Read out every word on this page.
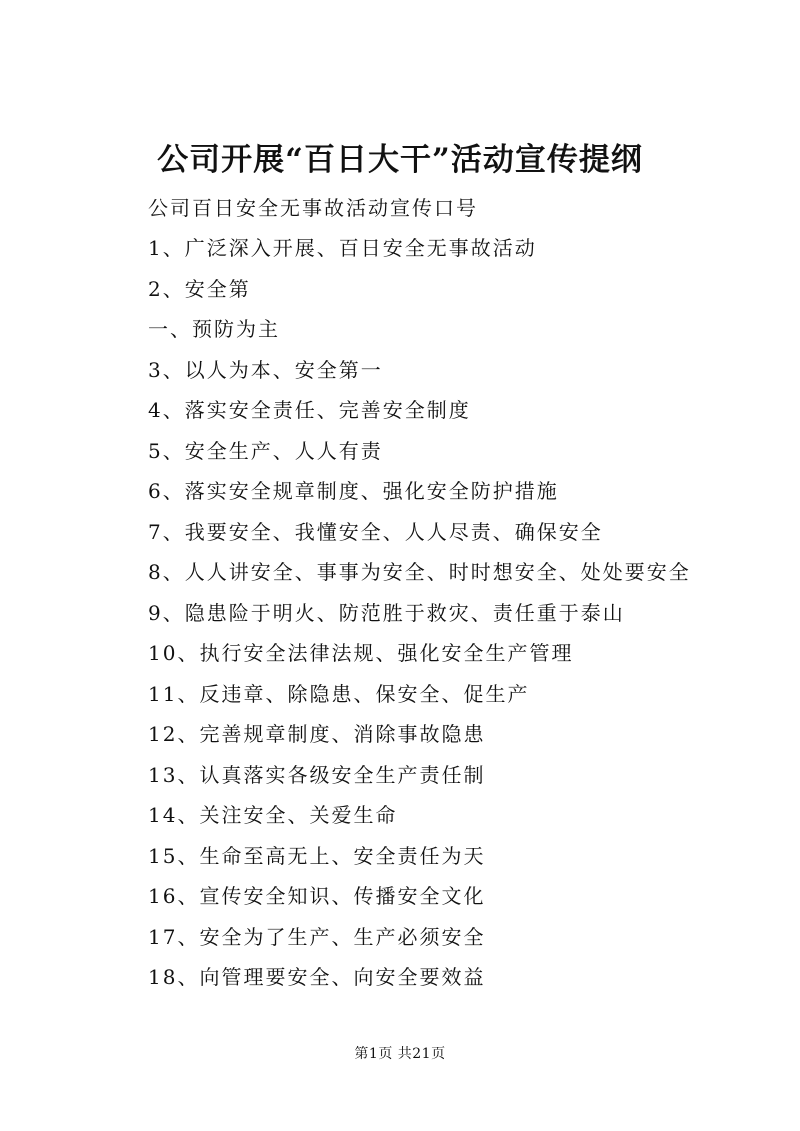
公司开展“百日大干”活动宣传提纲
公司百日安全无事故活动宣传口号
1、广泛深入开展、百日安全无事故活动
2、安全第
一、预防为主
3、以人为本、安全第一
4、落实安全责任、完善安全制度
5、安全生产、人人有责
6、落实安全规章制度、强化安全防护措施
7、我要安全、我懂安全、人人尽责、确保安全
8、人人讲安全、事事为安全、时时想安全、处处要安全
9、隐患险于明火、防范胜于救灾、责任重于泰山
10、执行安全法律法规、强化安全生产管理
11、反违章、除隐患、保安全、促生产
12、完善规章制度、消除事故隐患
13、认真落实各级安全生产责任制
14、关注安全、关爱生命
15、生命至高无上、安全责任为天
16、宣传安全知识、传播安全文化
17、安全为了生产、生产必须安全
18、向管理要安全、向安全要效益
第1页 共21页
